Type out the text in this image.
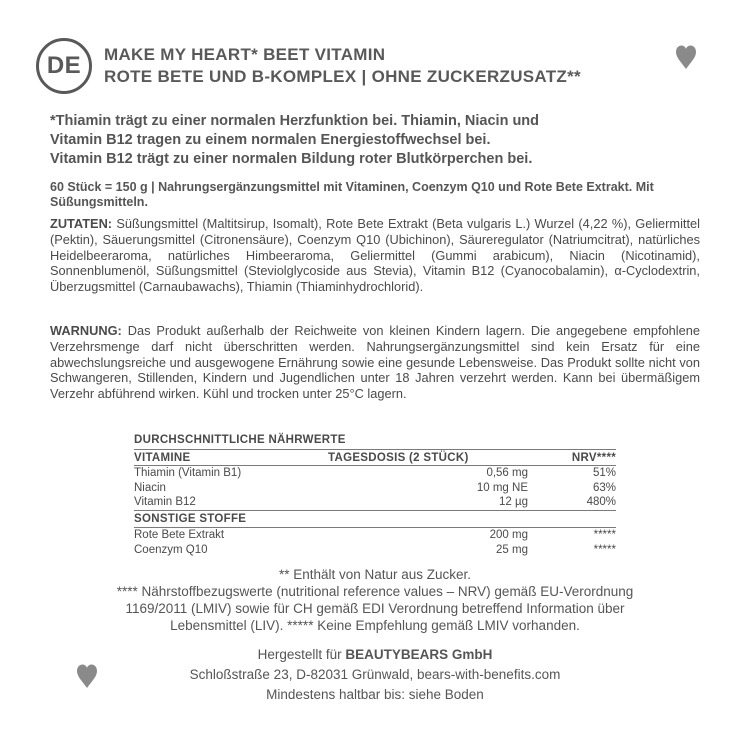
DE	MAKE MY HEART* BEET VITAMIN
ROTE BETE UND B-KOMPLEX | OHNE ZUCKERZUSATZ**
*Thiamin trägt zu einer normalen Herzfunktion bei. Thiamin, Niacin und
Vitamin B12 tragen zu einem normalen Energiestoffwechsel bei.
Vitamin B12 trägt zu einer normalen Bildung roter Blutkörperchen bei.
60 Stück = 150 g | Nahrungsergänzungsmittel mit Vitaminen, Coenzym Q10 und Rote Bete Extrakt. Mit Süßungsmitteln.
ZUTATEN: Süßungsmittel (Maltitsirup, Isomalt), Rote Bete Extrakt (Beta vulgaris L.) Wurzel (4,22 %), Geliermittel (Pektin), Säuerungsmittel (Citronensäure), Coenzym Q10 (Ubichinon), Säureregulator (Natriumcitrat), natürliches Heidelbeeraroma, natürliches Himbeeraroma, Geliermittel (Gummi arabicum), Niacin (Nicotinamid), Sonnenblumenöl, Süßungsmittel (Steviolglycoside aus Stevia), Vitamin B12 (Cyanocobalamin), α-Cyclodextrin, Überzugsmittel (Carnaubawachs), Thiamin (Thiaminhydrochlorid).
WARNUNG: Das Produkt außerhalb der Reichweite von kleinen Kindern lagern. Die angegebene empfohlene Verzehrsmenge darf nicht überschritten werden. Nahrungsergänzungsmittel sind kein Ersatz für eine abwechslungsreiche und ausgewogene Ernährung sowie eine gesunde Lebensweise. Das Produkt sollte nicht von Schwangeren, Stillenden, Kindern und Jugendlichen unter 18 Jahren verzehrt werden. Kann bei übermäßigem Verzehr abführend wirken. Kühl und trocken unter 25°C lagern.
DURCHSCHNITTLICHE NÄHRWERTE
VITAMINE	TAGESDOSIS (2 STÜCK)	NRV****
Thiamin (Vitamin B1)	0,56 mg	51%
Niacin	10 mg NE	63%
Vitamin B12	12 µg	480%
SONSTIGE STOFFE		
Rote Bete Extrakt	200 mg	*****
Coenzym Q10	25 mg	*****
** Enthält von Natur aus Zucker.
**** Nährstoffbezugswerte (nutritional reference values – NRV) gemäß EU-Verordnung
1169/2011 (LMIV) sowie für CH gemäß EDI Verordnung betreffend Information über
Lebensmittel (LIV). ***** Keine Empfehlung gemäß LMIV vorhanden.
Hergestellt für BEAUTYBEARS GmbH
Schloßstraße 23, D-82031 Grünwald, bears-with-benefits.com
Mindestens haltbar bis: siehe Boden
